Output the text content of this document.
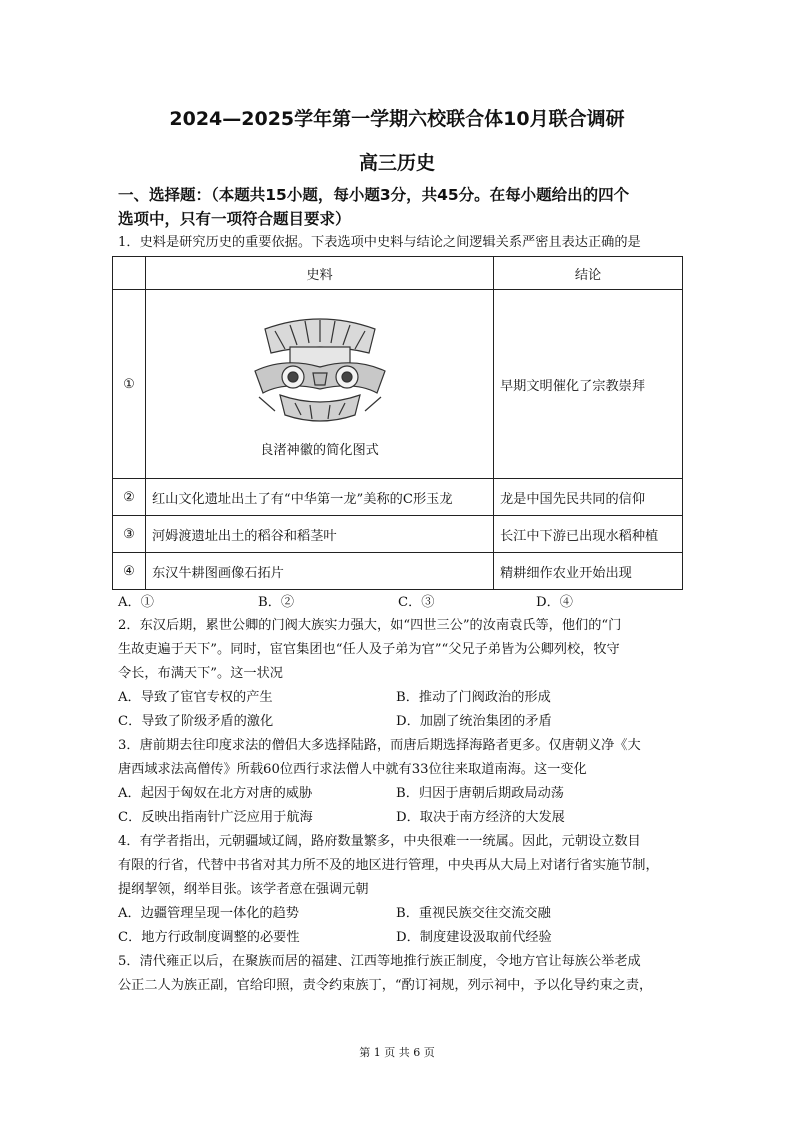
2024—2025学年第一学期六校联合体10月联合调研
高三历史
一、选择题：（本题共15小题，每小题3分，共45分。在每小题给出的四个
选项中，只有一项符合题目要求）
1．史料是研究历史的重要依据。下表选项中史料与结论之间逻辑关系严密且表达正确的是
	史料	结论
①	良渚神徽的简化图式	早期文明催化了宗教崇拜
②	红山文化遗址出土了有“中华第一龙”美称的C形玉龙	龙是中国先民共同的信仰
③	河姆渡遗址出土的稻谷和稻茎叶	长江中下游已出现水稻种植
④	东汉牛耕图画像石拓片	精耕细作农业开始出现
A．①	B．②	C．③	D．④
2．东汉后期，累世公卿的门阀大族实力强大，如“四世三公”的汝南袁氏等，他们的“门
生故吏遍于天下”。同时，宦官集团也“任人及子弟为官”“父兄子弟皆为公卿列校，牧守
令长，布满天下”。这一状况
A．导致了宦官专权的产生	B．推动了门阀政治的形成
C．导致了阶级矛盾的激化	D．加剧了统治集团的矛盾
3．唐前期去往印度求法的僧侣大多选择陆路，而唐后期选择海路者更多。仅唐朝义净《大
唐西域求法高僧传》所载60位西行求法僧人中就有33位往来取道南海。这一变化
A．起因于匈奴在北方对唐的威胁	B．归因于唐朝后期政局动荡
C．反映出指南针广泛应用于航海	D．取决于南方经济的大发展
4．有学者指出，元朝疆域辽阔，路府数量繁多，中央很难一一统属。因此，元朝设立数目
有限的行省，代替中书省对其力所不及的地区进行管理，中央再从大局上对诸行省实施节制，
提纲挈领，纲举目张。该学者意在强调元朝
A．边疆管理呈现一体化的趋势	B．重视民族交往交流交融
C．地方行政制度调整的必要性	D．制度建设汲取前代经验
5．清代雍正以后，在聚族而居的福建、江西等地推行族正制度，令地方官让每族公举老成
公正二人为族正副，官给印照，责令约束族丁，“酌订祠规，列示祠中，予以化导约束之责，
第 1 页 共 6 页
